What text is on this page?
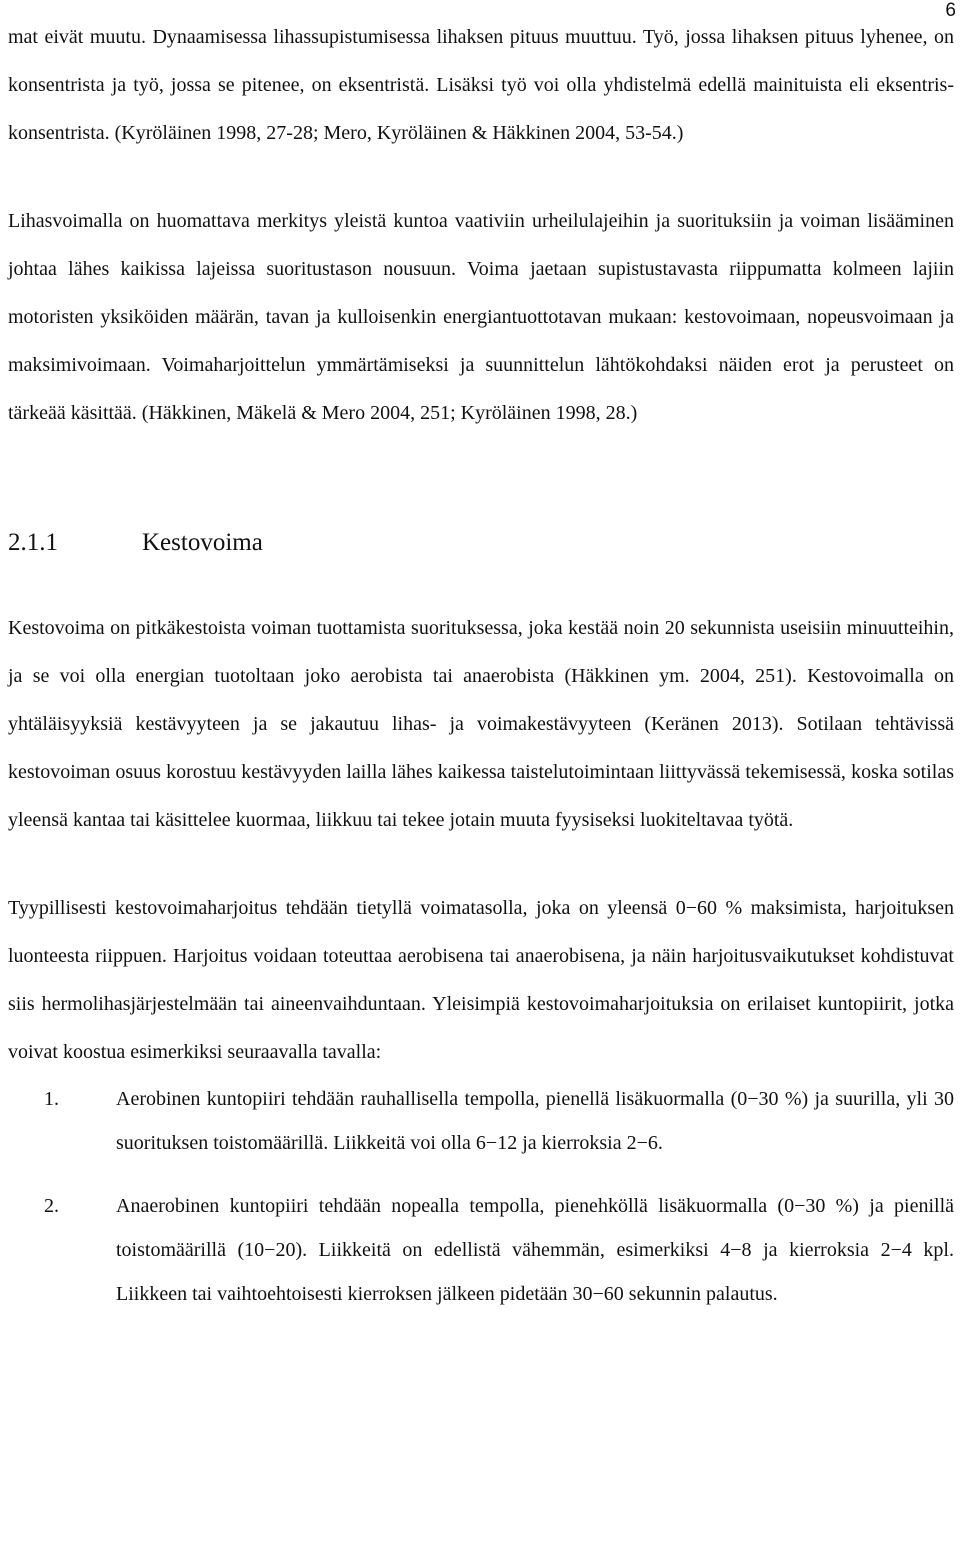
6

mat eivät muutu. Dynaamisessa lihassupistumisessa lihaksen pituus muuttuu. Työ, jossa lihaksen pituus lyhenee, on konsentrista ja työ, jossa se pitenee, on eksentristä. Lisäksi työ voi olla yhdistelmä edellä mainituista eli eksentris-konsentrista. (Kyröläinen 1998, 27-28; Mero, Kyröläinen & Häkkinen 2004, 53-54.)

Lihasvoimalla on huomattava merkitys yleistä kuntoa vaativiin urheilulajeihin ja suorituksiin ja voiman lisääminen johtaa lähes kaikissa lajeissa suoritustason nousuun. Voima jaetaan supistustavasta riippumatta kolmeen lajiin motoristen yksiköiden määrän, tavan ja kulloisenkin energiantuottotavan mukaan: kestovoimaan, nopeusvoimaan ja maksimivoimaan. Voimaharjoittelun ymmärtämiseksi ja suunnittelun lähtökohdaksi näiden erot ja perusteet on tärkeää käsittää. (Häkkinen, Mäkelä & Mero 2004, 251; Kyröläinen 1998, 28.)

2.1.1	Kestovoima

Kestovoima on pitkäkestoista voiman tuottamista suorituksessa, joka kestää noin 20 sekunnista useisiin minuutteihin, ja se voi olla energian tuotoltaan joko aerobista tai anaerobista (Häkkinen ym. 2004, 251). Kestovoimalla on yhtäläisyyksiä kestävyyteen ja se jakautuu lihas- ja voimakestävyyteen (Keränen 2013). Sotilaan tehtävissä kestovoiman osuus korostuu kestävyyden lailla lähes kaikessa taistelutoimintaan liittyvässä tekemisessä, koska sotilas yleensä kantaa tai käsittelee kuormaa, liikkuu tai tekee jotain muuta fyysiseksi luokiteltavaa työtä.

Tyypillisesti kestovoimaharjoitus tehdään tietyllä voimatasolla, joka on yleensä 0−60 % maksimista, harjoituksen luonteesta riippuen. Harjoitus voidaan toteuttaa aerobisena tai anaerobisena, ja näin harjoitusvaikutukset kohdistuvat siis hermolihasjärjestelmään tai aineenvaihduntaan. Yleisimpiä kestovoimaharjoituksia on erilaiset kuntopiirit, jotka voivat koostua esimerkiksi seuraavalla tavalla:

1.	Aerobinen kuntopiiri tehdään rauhallisella tempolla, pienellä lisäkuormalla (0−30 %) ja suurilla, yli 30 suorituksen toistomäärillä. Liikkeitä voi olla 6−12 ja kierroksia 2−6.
2.	Anaerobinen kuntopiiri tehdään nopealla tempolla, pienehköllä lisäkuormalla (0−30 %) ja pienillä toistomäärillä (10−20). Liikkeitä on edellistä vähemmän, esimerkiksi 4−8 ja kierroksia 2−4 kpl. Liikkeen tai vaihtoehtoisesti kierroksen jälkeen pidetään 30−60 sekunnin palautus.
